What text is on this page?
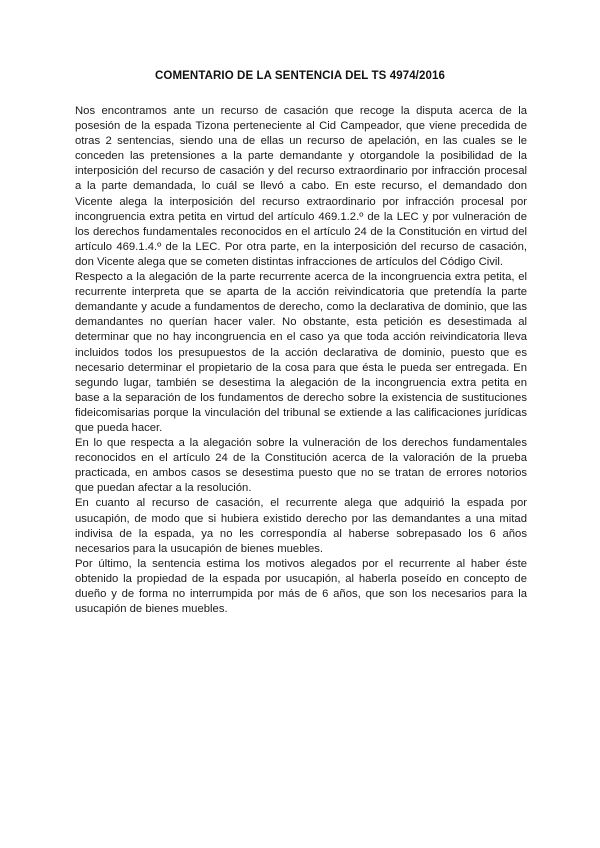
COMENTARIO DE LA SENTENCIA DEL TS 4974/2016

Nos encontramos ante un recurso de casación que recoge la disputa acerca de la posesión de la espada Tizona perteneciente al Cid Campeador, que viene precedida de otras 2 sentencias, siendo una de ellas un recurso de apelación, en las cuales se le conceden las pretensiones a la parte demandante y otorgandole la posibilidad de la interposición del recurso de casación y del recurso extraordinario por infracción procesal a la parte demandada, lo cuál se llevó a cabo. En este recurso, el demandado don Vicente alega la interposición del recurso extraordinario por infracción procesal por incongruencia extra petita en virtud del artículo 469.1.2.º de la LEC y por vulneración de los derechos fundamentales reconocidos en el artículo 24 de la Constitución en virtud del artículo 469.1.4.º de la LEC. Por otra parte, en la interposición del recurso de casación, don Vicente alega que se cometen distintas infracciones de artículos del Código Civil.

Respecto a la alegación de la parte recurrente acerca de la incongruencia extra petita, el recurrente interpreta que se aparta de la acción reivindicatoria que pretendía la parte demandante y acude a fundamentos de derecho, como la declarativa de dominio, que las demandantes no querían hacer valer. No obstante, esta petición es desestimada al determinar que no hay incongruencia en el caso ya que toda acción reivindicatoria lleva incluidos todos los presupuestos de la acción declarativa de dominio, puesto que es necesario determinar el propietario de la cosa para que ésta le pueda ser entregada. En segundo lugar, también se desestima la alegación de la incongruencia extra petita en base a la separación de los fundamentos de derecho sobre la existencia de sustituciones fideicomisarias porque la vinculación del tribunal se extiende a las calificaciones jurídicas que pueda hacer.

En lo que respecta a la alegación sobre la vulneración de los derechos fundamentales reconocidos en el artículo 24 de la Constitución acerca de la valoración de la prueba practicada, en ambos casos se desestima puesto que no se tratan de errores notorios que puedan afectar a la resolución.

En cuanto al recurso de casación, el recurrente alega que adquirió la espada por usucapión, de modo que si hubiera existido derecho por las demandantes a una mitad indivisa de la espada, ya no les correspondía al haberse sobrepasado los 6 años necesarios para la usucapión de bienes muebles.

Por último, la sentencia estima los motivos alegados por el recurrente al haber éste obtenido la propiedad de la espada por usucapión, al haberla poseído en concepto de dueño y de forma no interrumpida por más de 6 años, que son los necesarios para la usucapión de bienes muebles.
